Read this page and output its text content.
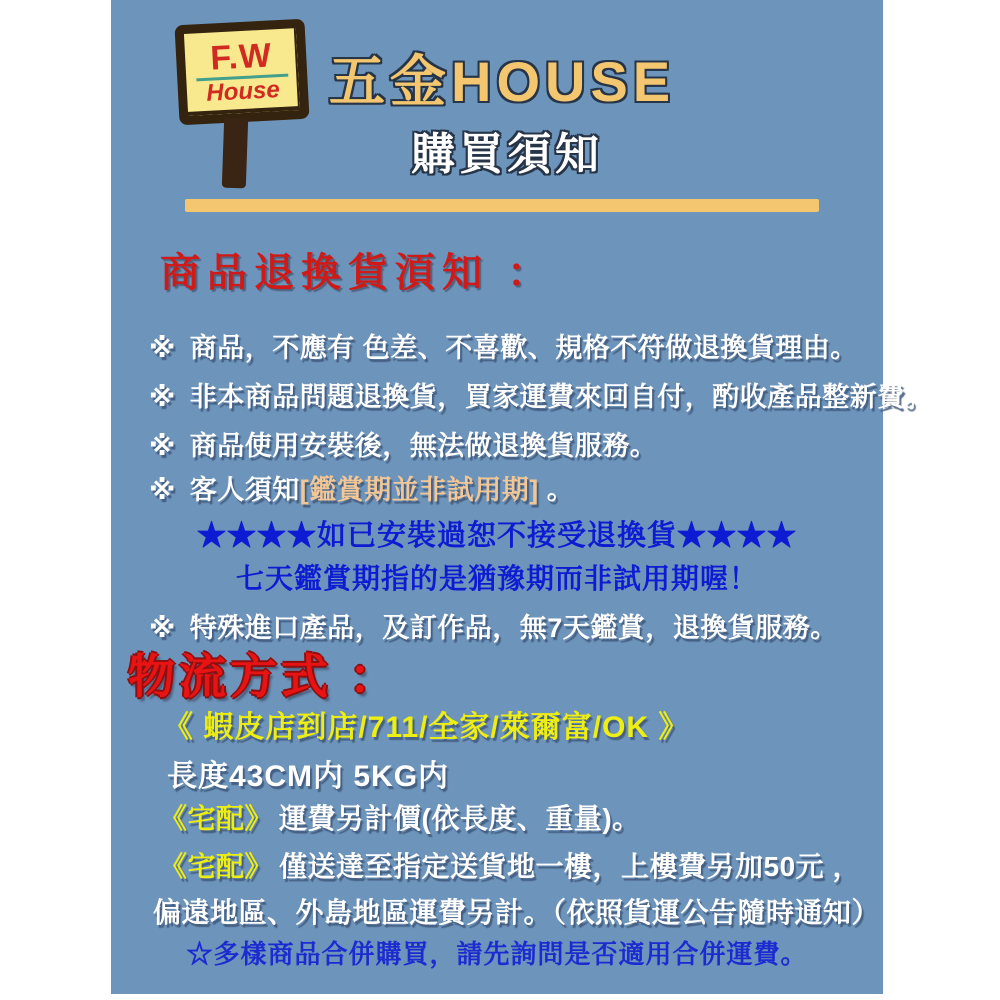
F.W
House 五金HOUSE
購買須知
商品退換貨湏知 ：
※ 商品，不應有 色差、不喜歡、規格不符做退換貨理由。
※ 非本商品問題退換貨，買家運費來回自付，酌收產品整新費。
※ 商品使用安裝後，無法做退換貨服務。
※ 客人須知[鑑賞期並非試用期] 。
★★★★如已安裝過恕不接受退換貨★★★★
七天鑑賞期指的是猶豫期而非試用期喔！
※ 特殊進口產品，及訂作品，無7天鑑賞，退換貨服務。
物流方式 ：
《 蝦皮店到店/711/全家/萊爾富/OK 》
長度43CM内 5KG内
《宅配》 運費另計價(依長度、重量)。
《宅配》 僅送達至指定送貨地一樓，上樓費另加50元 ，
偏遠地區、外島地區運費另計。（依照貨運公告隨時通知）
☆多樣商品合併購買，請先詢問是否適用合併運費。
